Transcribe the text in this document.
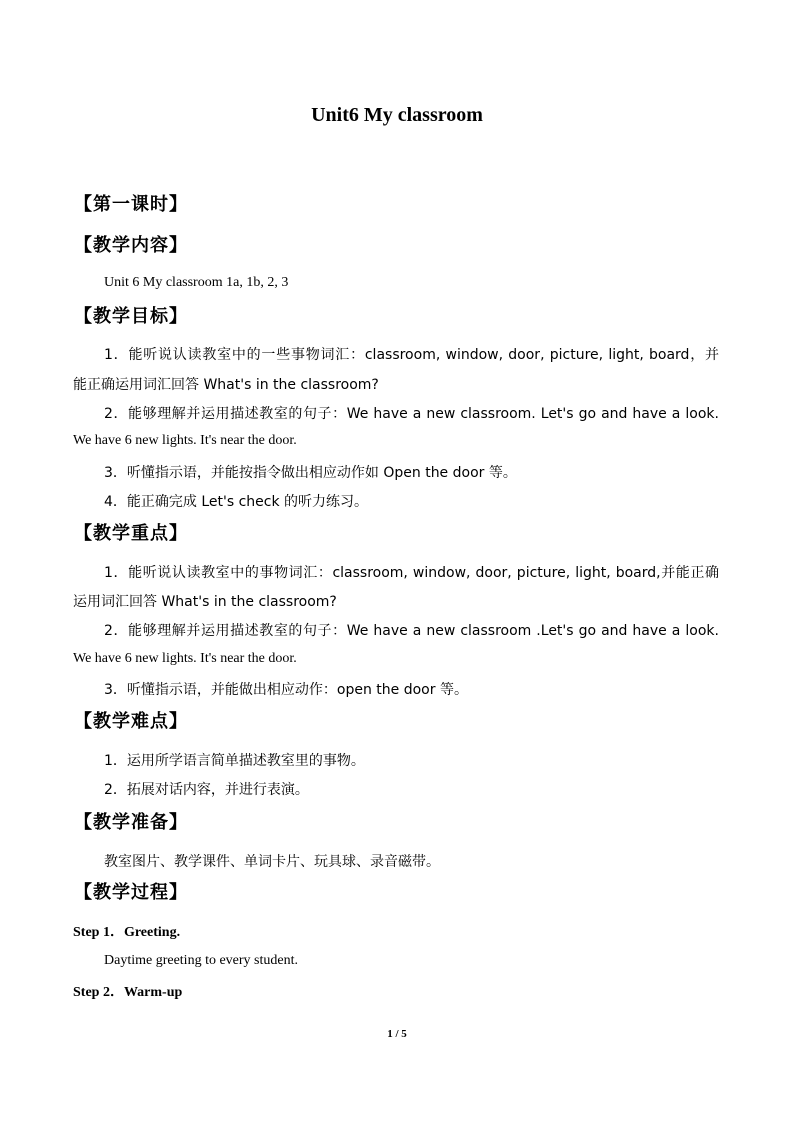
Unit6 My classroom
【第一课时】
【教学内容】
Unit 6 My classroom 1a, 1b, 2, 3
【教学目标】
1．能听说认读教室中的一些事物词汇：classroom, window, door, picture, light, board，并
能正确运用词汇回答 What's in the classroom?
2．能够理解并运用描述教室的句子：We have a new classroom. Let's go and have a look.
We have 6 new lights. It's near the door.
3．听懂指示语，并能按指令做出相应动作如 Open the door 等。
4．能正确完成 Let's check 的听力练习。
【教学重点】
1．能听说认读教室中的事物词汇：classroom, window, door, picture, light, board,并能正确
运用词汇回答 What's in the classroom?
2．能够理解并运用描述教室的句子：We have a new classroom .Let's go and have a look.
We have 6 new lights. It's near the door.
3．听懂指示语，并能做出相应动作：open the door 等。
【教学难点】
1．运用所学语言简单描述教室里的事物。
2．拓展对话内容，并进行表演。
【教学准备】
教室图片、教学课件、单词卡片、玩具球、录音磁带。
【教学过程】
Step 1．Greeting.
Daytime greeting to every student.
Step 2．Warm-up
1 / 5
